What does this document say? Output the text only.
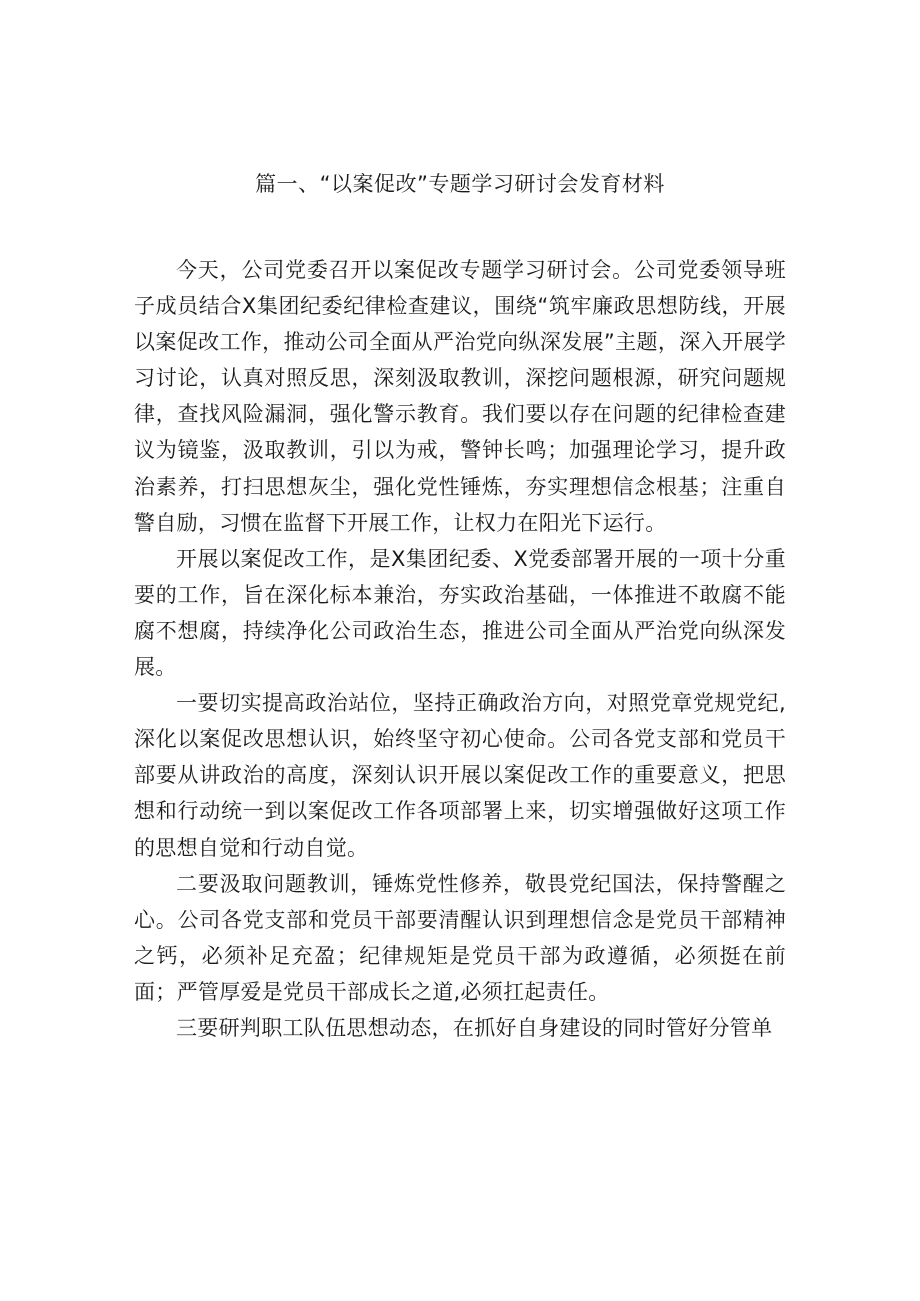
篇一、“以案促改”专题学习研讨会发育材料

今天，公司党委召开以案促改专题学习研讨会。公司党委领导班子成员结合X集团纪委纪律检查建议，围绕“筑牢廉政思想防线，开展以案促改工作，推动公司全面从严治党向纵深发展”主题，深入开展学习讨论，认真对照反思，深刻汲取教训，深挖问题根源，研究问题规律，查找风险漏洞，强化警示教育。我们要以存在问题的纪律检查建议为镜鉴，汲取教训，引以为戒，警钟长鸣；加强理论学习，提升政治素养，打扫思想灰尘，强化党性锤炼，夯实理想信念根基；注重自警自励，习惯在监督下开展工作，让权力在阳光下运行。

开展以案促改工作，是X集团纪委、X党委部署开展的一项十分重要的工作，旨在深化标本兼治，夯实政治基础，一体推进不敢腐不能腐不想腐，持续净化公司政治生态，推进公司全面从严治党向纵深发展。

一要切实提高政治站位，坚持正确政治方向，对照党章党规党纪,深化以案促改思想认识，始终坚守初心使命。公司各党支部和党员干部要从讲政治的高度，深刻认识开展以案促改工作的重要意义，把思想和行动统一到以案促改工作各项部署上来，切实增强做好这项工作的思想自觉和行动自觉。

二要汲取问题教训，锤炼党性修养，敬畏党纪国法，保持警醒之心。公司各党支部和党员干部要清醒认识到理想信念是党员干部精神之钙，必须补足充盈；纪律规矩是党员干部为政遵循，必须挺在前面；严管厚爱是党员干部成长之道,必须扛起责任。

三要研判职工队伍思想动态，在抓好自身建设的同时管好分管单
